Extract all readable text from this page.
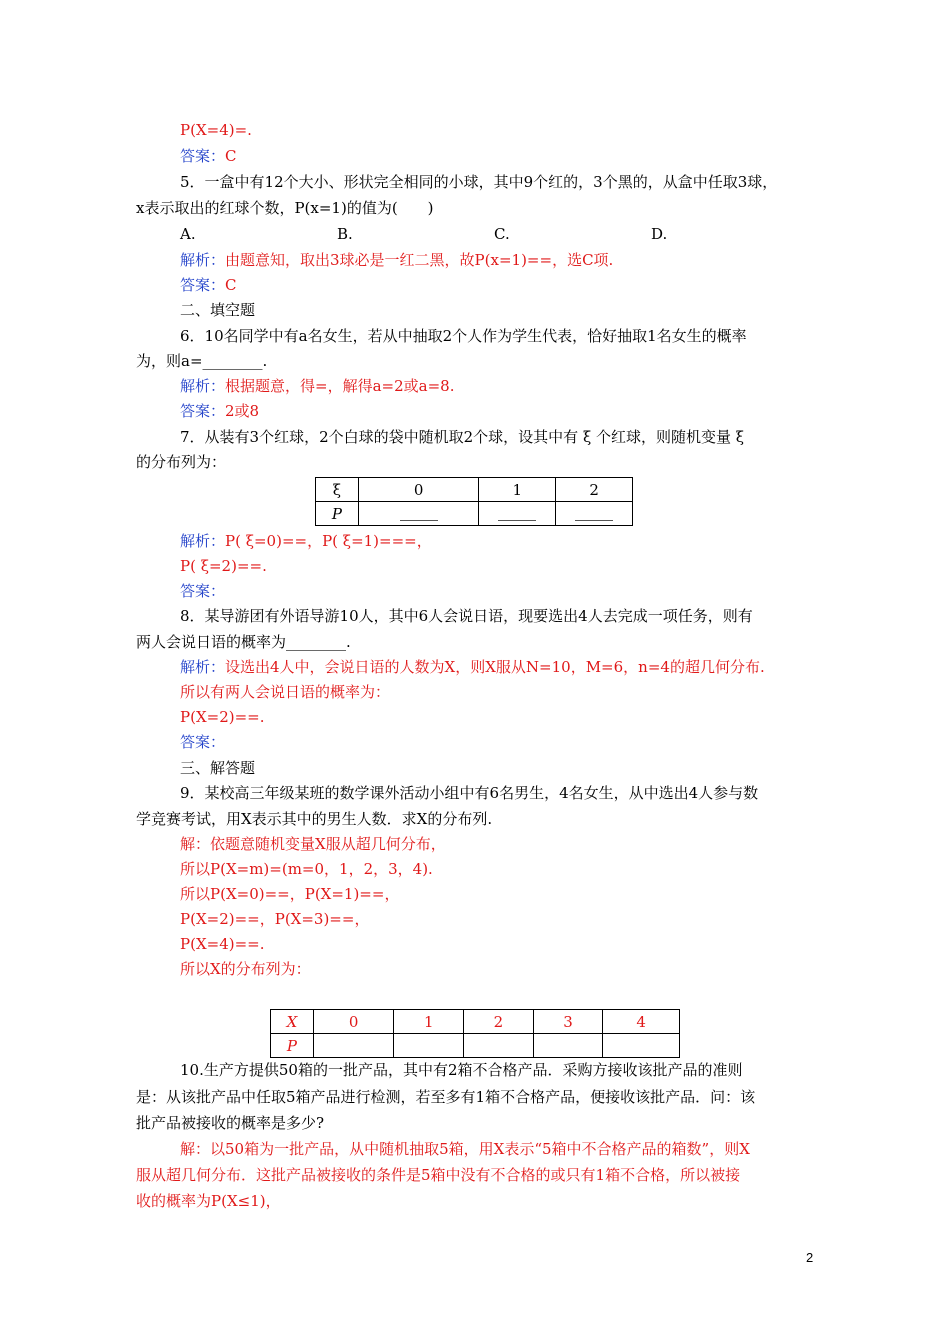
P(X=4)=.
答案：C
5．一盒中有12个大小、形状完全相同的小球，其中9个红的，3个黑的，从盒中任取3球，
x表示取出的红球个数，P(x=1)的值为(　　)
A.	B.	C.	D.
解析：由题意知，取出3球必是一红二黑，故P(x=1)==，选C项.
答案：C
二、填空题
6．10名同学中有a名女生，若从中抽取2个人作为学生代表，恰好抽取1名女生的概率
为，则a=________.
解析：根据题意，得=，解得a=2或a=8.
答案：2或8
7．从装有3个红球，2个白球的袋中随机取2个球，设其中有 ξ 个红球，则随机变量 ξ
的分布列为：
ξ	0	1	2
P			
解析：P( ξ=0)==，P( ξ=1)===，
P( ξ=2)==.
答案：
8．某导游团有外语导游10人，其中6人会说日语，现要选出4人去完成一项任务，则有
两人会说日语的概率为________.
解析：设选出4人中，会说日语的人数为X，则X服从N=10，M=6，n=4的超几何分布.
所以有两人会说日语的概率为：
P(X=2)==.
答案：
三、解答题
9．某校高三年级某班的数学课外活动小组中有6名男生，4名女生，从中选出4人参与数
学竞赛考试，用X表示其中的男生人数．求X的分布列.
解：依题意随机变量X服从超几何分布，
所以P(X=m)=(m=0，1，2，3，4).
所以P(X=0)==，P(X=1)==，
P(X=2)==，P(X=3)==，
P(X=4)==.
所以X的分布列为：
X	0	1	2	3	4
P					
10.生产方提供50箱的一批产品，其中有2箱不合格产品．采购方接收该批产品的准则
是：从该批产品中任取5箱产品进行检测，若至多有1箱不合格产品，便接收该批产品．问：该
批产品被接收的概率是多少?
解：以50箱为一批产品，从中随机抽取5箱，用X表示“5箱中不合格产品的箱数”，则X
服从超几何分布．这批产品被接收的条件是5箱中没有不合格的或只有1箱不合格，所以被接
收的概率为P(X≤1)，
2
